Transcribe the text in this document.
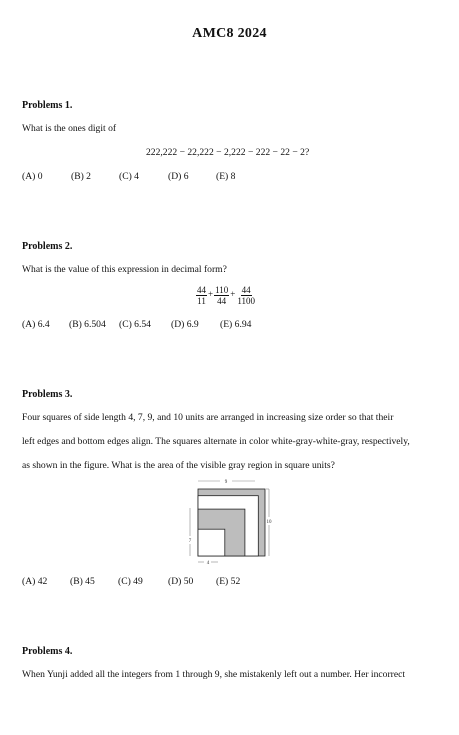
AMC8 2024
Problems 1.
What is the ones digit of
222,222 − 22,222 − 2,222 − 222 − 22 − 2?
(A) 0	(B) 2	(C) 4	(D) 6	(E) 8
Problems 2.
What is the value of this expression in decimal form?
$\frac{44}{11} + \frac{110}{44} + \frac{44}{1100}$
(A) 6.4 (B) 6.504 (C) 6.54 (D) 6.9 (E) 6.94
Problems 3.
Four squares of side length 4, 7, 9, and 10 units are arranged in increasing size order so that their
left edges and bottom edges align. The squares alternate in color white-gray-white-gray, respectively,
as shown in the figure. What is the area of the visible gray region in square units?
9
10
7
4
(A) 42 (B) 45 (C) 49	(D) 50 (E) 52
Problems 4.
When Yunji added all the integers from 1 through 9, she mistakenly left out a number. Her incorrect
